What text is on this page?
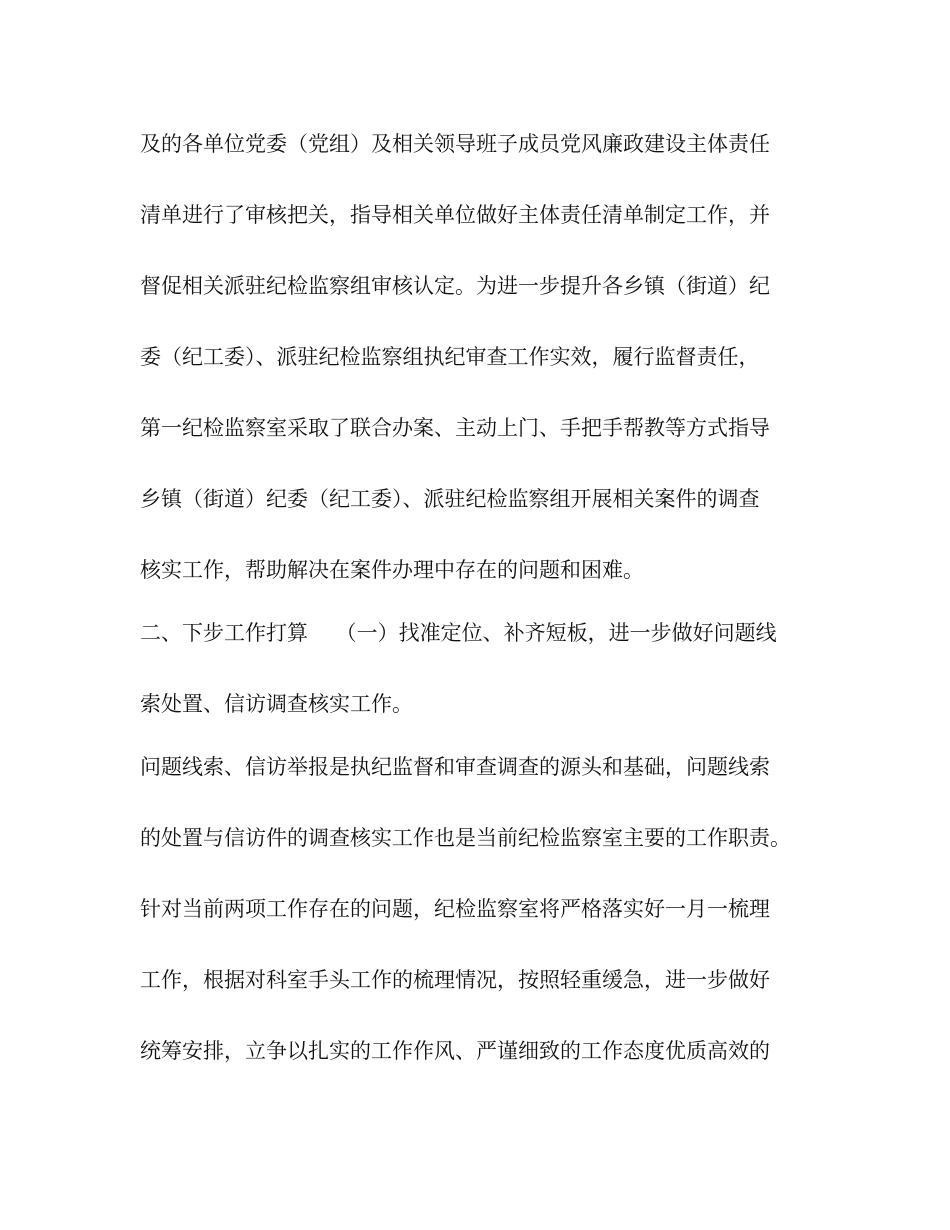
及的各单位党委（党组）及相关领导班子成员党风廉政建设主体责任

清单进行了审核把关，指导相关单位做好主体责任清单制定工作，并

督促相关派驻纪检监察组审核认定。为进一步提升各乡镇（街道）纪

委（纪工委）、派驻纪检监察组执纪审查工作实效，履行监督责任，

第一纪检监察室采取了联合办案、主动上门、手把手帮教等方式指导

乡镇（街道）纪委（纪工委）、派驻纪检监察组开展相关案件的调查

核实工作，帮助解决在案件办理中存在的问题和困难。

二、下步工作打算　 （一）找准定位、补齐短板，进一步做好问题线

索处置、信访调查核实工作。

问题线索、信访举报是执纪监督和审查调查的源头和基础，问题线索

的处置与信访件的调查核实工作也是当前纪检监察室主要的工作职责。

针对当前两项工作存在的问题，纪检监察室将严格落实好一月一梳理

工作，根据对科室手头工作的梳理情况，按照轻重缓急，进一步做好

统筹安排，立争以扎实的工作作风、严谨细致的工作态度优质高效的
